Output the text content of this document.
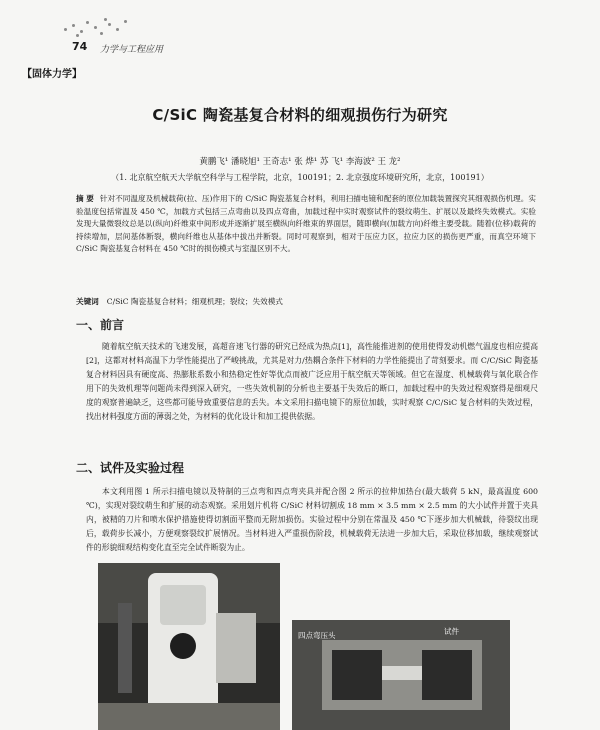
74 力学与工程应用
【固体力学】
C/SiC 陶瓷基复合材料的细观损伤行为研究
黄鹏飞¹ 潘晓旭¹ 王奇志¹ 张 烨¹ 苏 飞¹ 李海波² 王 龙²
（1. 北京航空航天大学航空科学与工程学院，北京，100191；2. 北京强度环境研究所，北京，100191）
摘 要 针对不同温度及机械载荷(拉、压)作用下的 C/SiC 陶瓷基复合材料，利用扫描电镜和配套的原位加载装置探究其细观损伤机理。实验温度包括常温及 450 ℃，加载方式包括三点弯曲以及四点弯曲，加载过程中实时观察试件的裂纹萌生、扩展以及最终失效模式。实验发现大量微裂纹总是以(纵向)纤维束中间形成并逐渐扩展至横纵向纤维束的界面层，随即横向(加载方向)纤维主要受载。随着(位移)载荷的持续增加，层间基体断裂，横向纤维也从基体中拔出并断裂。同时可观察到，相对于压应力区，拉应力区的损伤更严重，而真空环境下 C/SiC 陶瓷基复合材料在 450 ℃时的损伤模式与室温区别不大。
关键词 C/SiC 陶瓷基复合材料；细观机理；裂纹；失效模式
一、前言
随着航空航天技术的飞速发展，高超音速飞行器的研究已经成为热点[1]，高性能推进剂的使用使得发动机燃气温度也相应提高[2]，这都对材料高温下力学性能提出了严峻挑战，尤其是对力/热耦合条件下材料的力学性能提出了苛刻要求。而 C/C/SiC 陶瓷基复合材料因具有硬度高、热膨胀系数小和热稳定性好等优点而被广泛应用于航空航天等领域。但它在湿度、机械载荷与氧化联合作用下的失效机理等问题尚未得到深入研究，一些失效机制的分析也主要基于失效后的断口，加载过程中的失效过程观察得是细观尺度的观察普遍缺乏，这些都可能导致重要信息的丢失。本文采用扫描电镜下的原位加载，实时观察 C/C/SiC 复合材料的失效过程，找出材料强度方面的薄弱之处，为材料的优化设计和加工提供依据。
二、试件及实验过程
本文利用图 1 所示扫描电镜以及特制的三点弯和四点弯夹具并配合图 2 所示的拉伸加热台(最大载荷 5 kN，最高温度 600 ℃)，实现对裂纹萌生和扩展的动态观察。采用划片机将 C/SiC 材料切割成 18 mm × 3.5 mm × 2.5 mm 的大小试件并置于夹具内，被精的刀片和喷水保护措施使得切割面平整而无附加损伤。实验过程中分别在常温及 450 ℃下逐步加大机械载，待裂纹出现后，载荷步长减小，方便观察裂纹扩展情况。当材料进入严重损伤阶段，机械载荷无法进一步加大后，采取位移加载，继续观察试件的形貌细观结构变化直至完全试件断裂为止。
四点弯压头	试件
